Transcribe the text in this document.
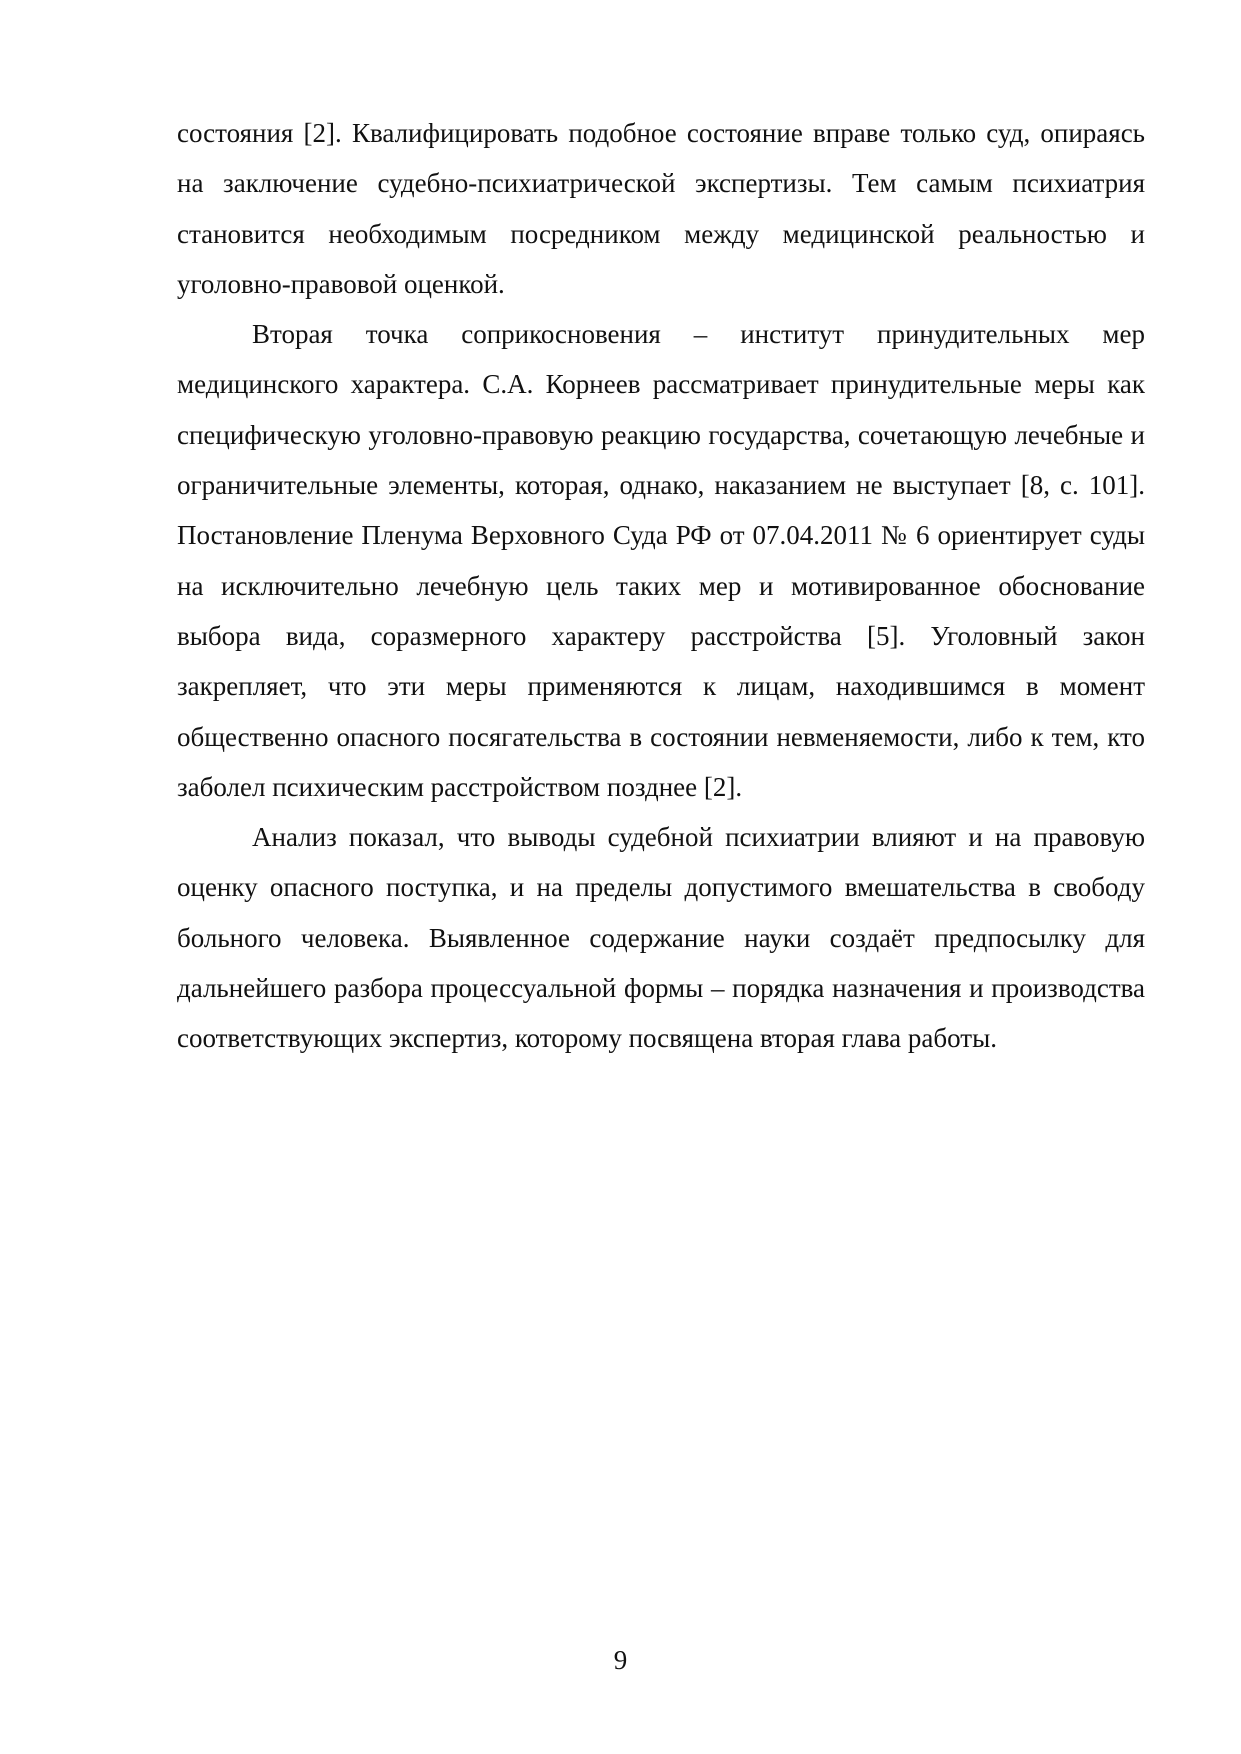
состояния [2]. Квалифицировать подобное состояние вправе только суд, опираясь на заключение судебно-психиатрической экспертизы. Тем самым психиатрия становится необходимым посредником между медицинской реальностью и уголовно-правовой оценкой.

Вторая точка соприкосновения – институт принудительных мер медицинского характера. С.А. Корнеев рассматривает принудительные меры как специфическую уголовно-правовую реакцию государства, сочетающую лечебные и ограничительные элементы, которая, однако, наказанием не выступает [8, с. 101]. Постановление Пленума Верховного Суда РФ от 07.04.2011 № 6 ориентирует суды на исключительно лечебную цель таких мер и мотивированное обоснование выбора вида, соразмерного характеру расстройства [5]. Уголовный закон закрепляет, что эти меры применяются к лицам, находившимся в момент общественно опасного посягательства в состоянии невменяемости, либо к тем, кто заболел психическим расстройством позднее [2].

Анализ показал, что выводы судебной психиатрии влияют и на правовую оценку опасного поступка, и на пределы допустимого вмешательства в свободу больного человека. Выявленное содержание науки создаёт предпосылку для дальнейшего разбора процессуальной формы – порядка назначения и производства соответствующих экспертиз, которому посвящена вторая глава работы.

9
